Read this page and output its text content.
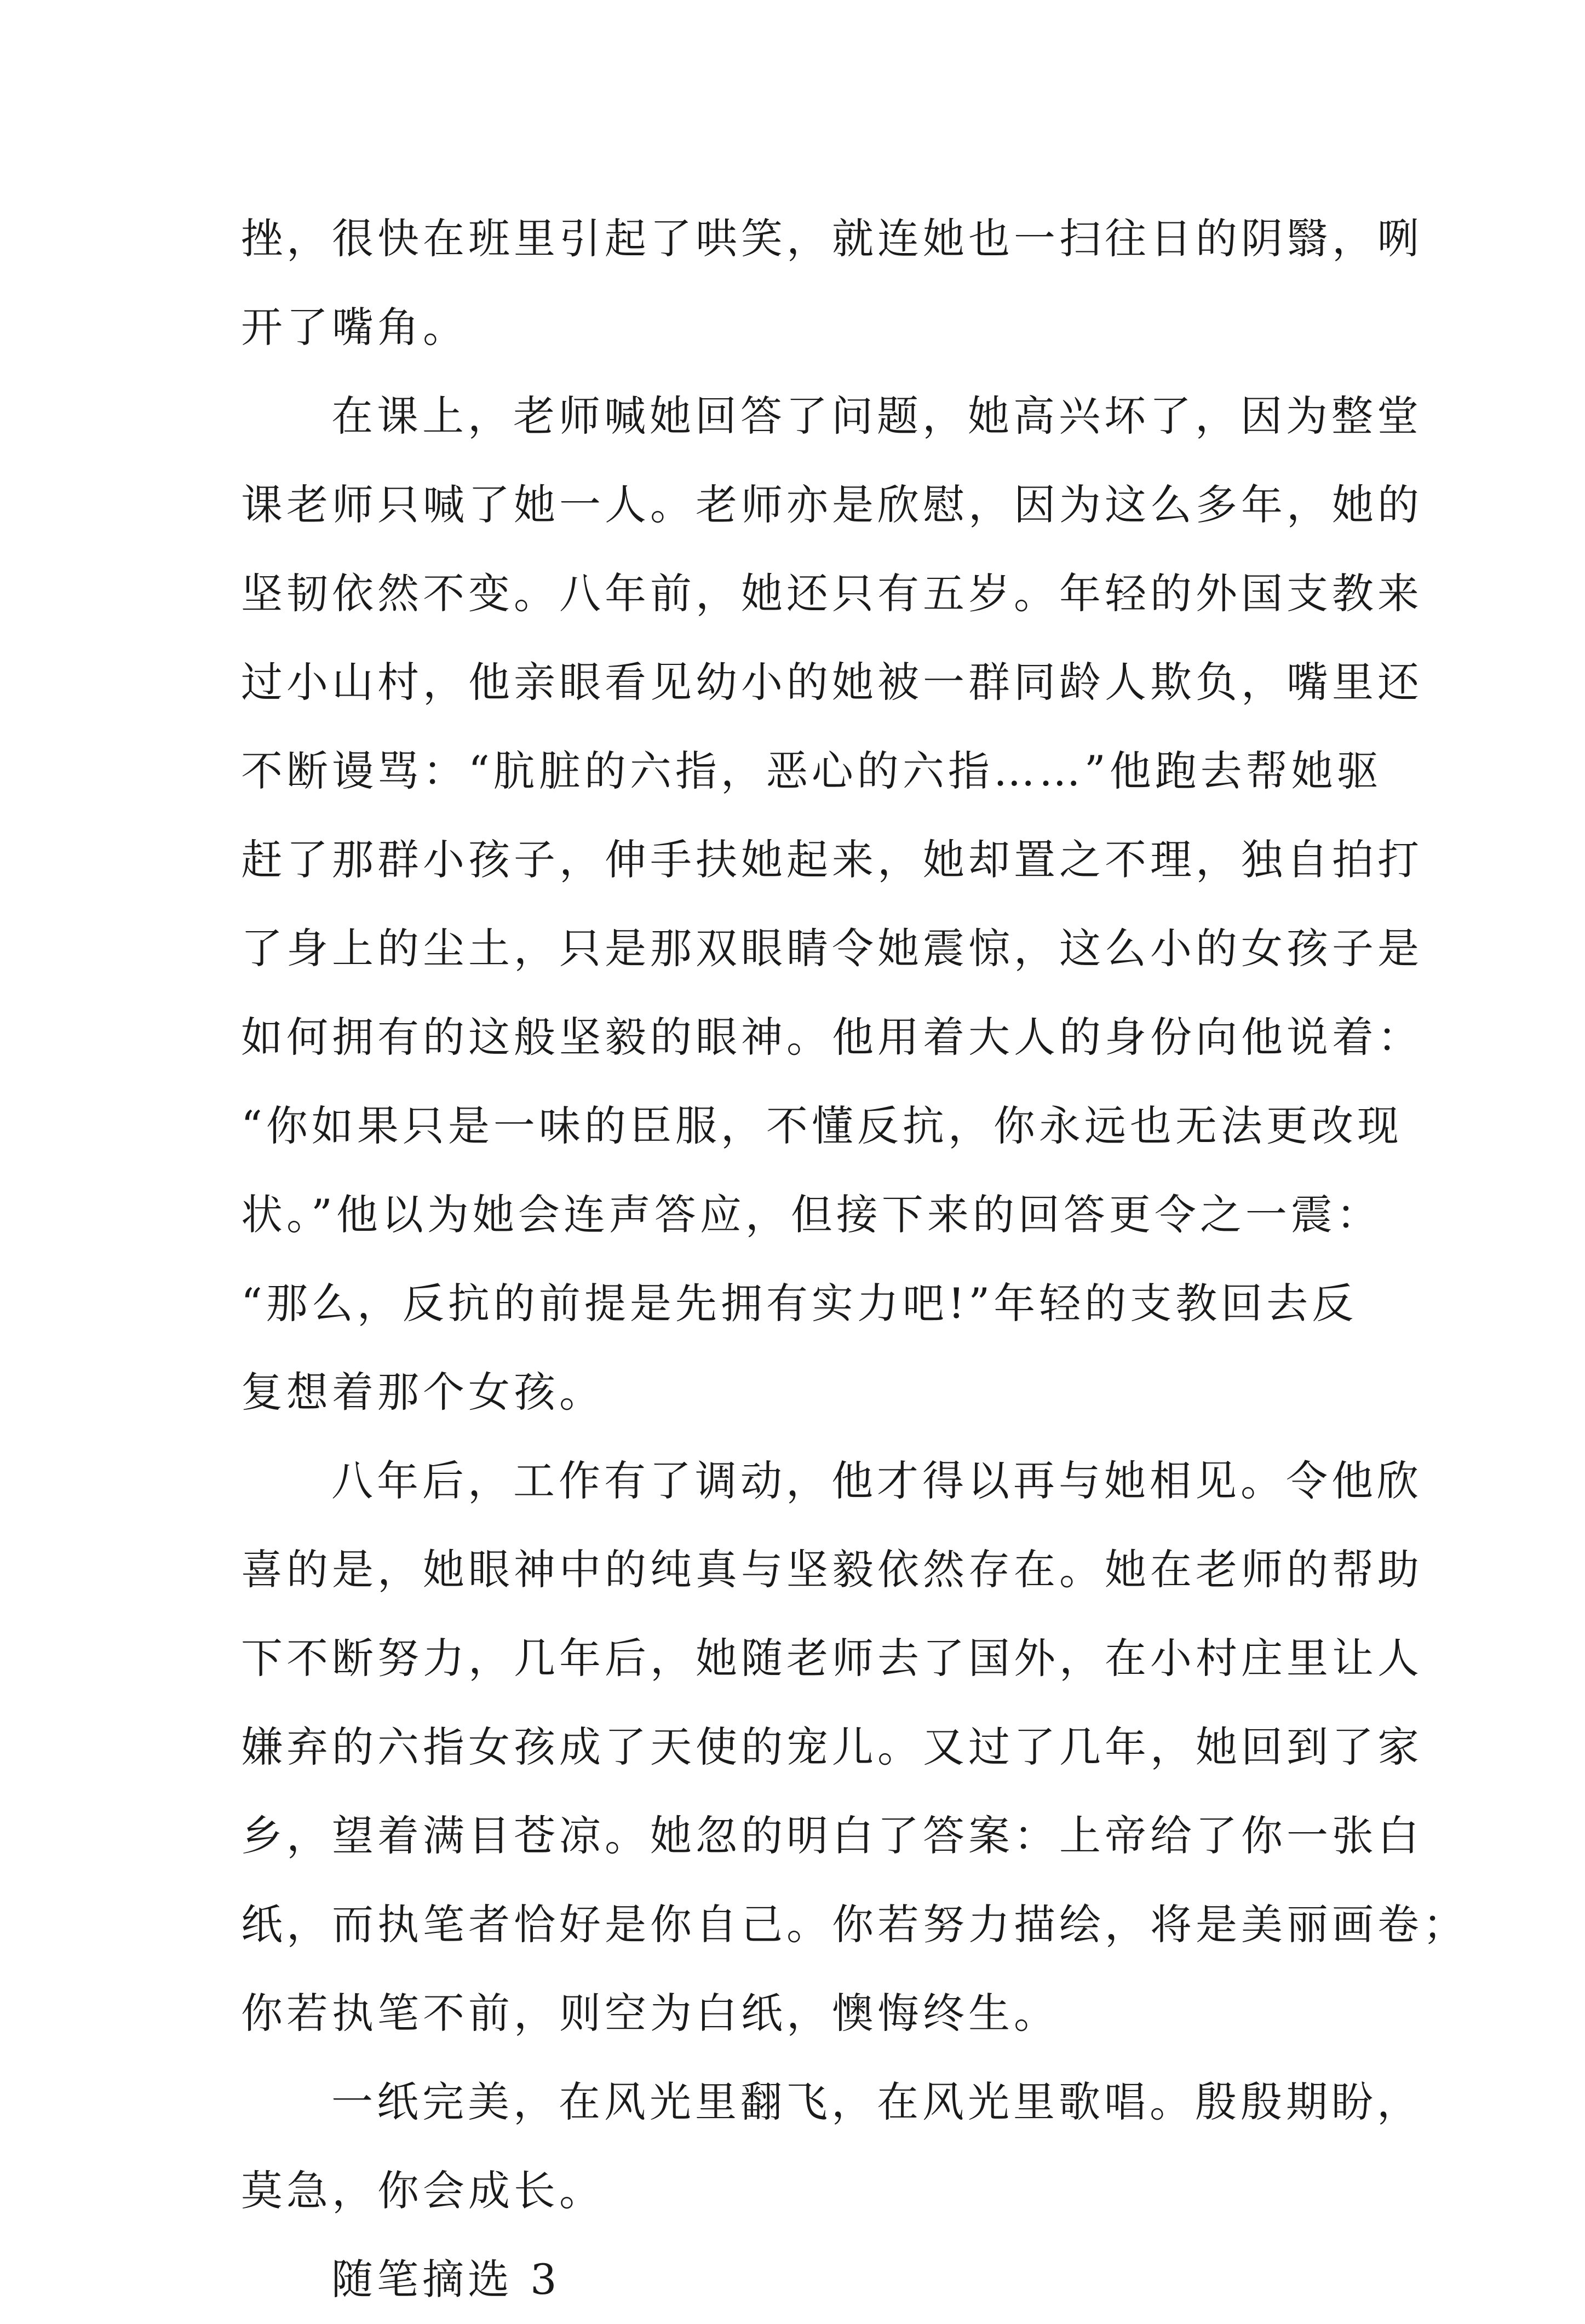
挫，很快在班里引起了哄笑，就连她也一扫往日的阴翳，咧
开了嘴角。
在课上，老师喊她回答了问题，她高兴坏了，因为整堂
课老师只喊了她一人。老师亦是欣慰，因为这么多年，她的
坚韧依然不变。八年前，她还只有五岁。年轻的外国支教来
过小山村，他亲眼看见幼小的她被一群同龄人欺负，嘴里还
不断谩骂：“肮脏的六指，恶心的六指……”他跑去帮她驱
赶了那群小孩子，伸手扶她起来，她却置之不理，独自拍打
了身上的尘土，只是那双眼睛令她震惊，这么小的女孩子是
如何拥有的这般坚毅的眼神。他用着大人的身份向他说着：
“你如果只是一味的臣服，不懂反抗，你永远也无法更改现
状。”他以为她会连声答应，但接下来的回答更令之一震：
“那么，反抗的前提是先拥有实力吧!”年轻的支教回去反
复想着那个女孩。
八年后，工作有了调动，他才得以再与她相见。令他欣
喜的是，她眼神中的纯真与坚毅依然存在。她在老师的帮助
下不断努力，几年后，她随老师去了国外，在小村庄里让人
嫌弃的六指女孩成了天使的宠儿。又过了几年，她回到了家
乡，望着满目苍凉。她忽的明白了答案：上帝给了你一张白
纸，而执笔者恰好是你自己。你若努力描绘，将是美丽画卷；
你若执笔不前，则空为白纸，懊悔终生。
一纸完美，在风光里翻飞，在风光里歌唱。殷殷期盼，
莫急，你会成长。
随笔摘选 3
